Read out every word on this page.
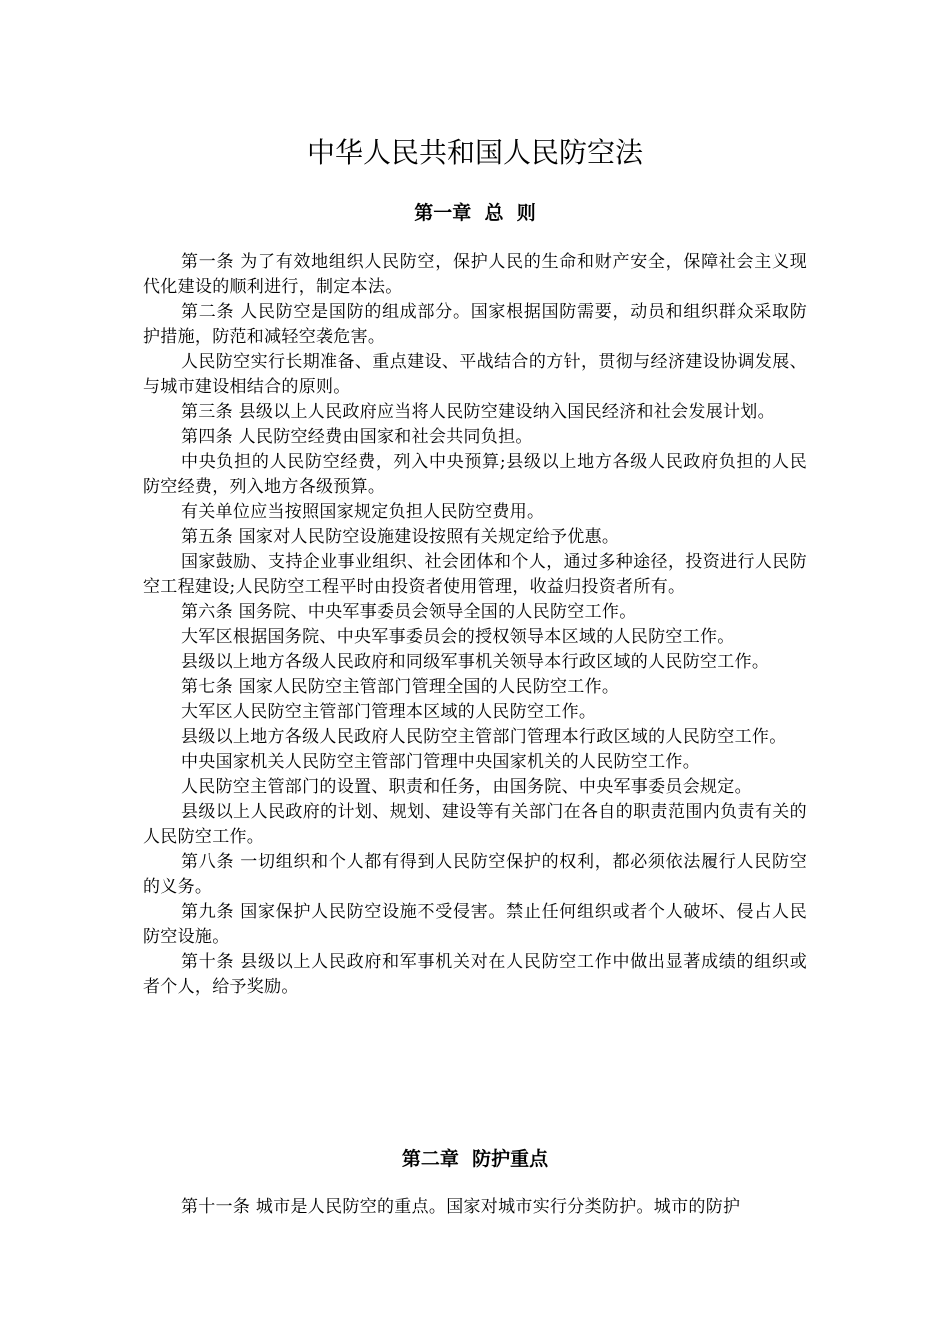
中华人民共和国人民防空法
第一章  总  则

第一条 为了有效地组织人民防空，保护人民的生命和财产安全，保障社会主义现代化建设的顺利进行，制定本法。

第二条 人民防空是国防的组成部分。国家根据国防需要，动员和组织群众采取防护措施，防范和减轻空袭危害。

人民防空实行长期准备、重点建设、平战结合的方针，贯彻与经济建设协调发展、与城市建设相结合的原则。

第三条 县级以上人民政府应当将人民防空建设纳入国民经济和社会发展计划。

第四条 人民防空经费由国家和社会共同负担。

中央负担的人民防空经费，列入中央预算;县级以上地方各级人民政府负担的人民防空经费，列入地方各级预算。

有关单位应当按照国家规定负担人民防空费用。

第五条 国家对人民防空设施建设按照有关规定给予优惠。

国家鼓励、支持企业事业组织、社会团体和个人，通过多种途径，投资进行人民防空工程建设;人民防空工程平时由投资者使用管理，收益归投资者所有。

第六条 国务院、中央军事委员会领导全国的人民防空工作。

大军区根据国务院、中央军事委员会的授权领导本区域的人民防空工作。

县级以上地方各级人民政府和同级军事机关领导本行政区域的人民防空工作。

第七条 国家人民防空主管部门管理全国的人民防空工作。

大军区人民防空主管部门管理本区域的人民防空工作。

县级以上地方各级人民政府人民防空主管部门管理本行政区域的人民防空工作。

中央国家机关人民防空主管部门管理中央国家机关的人民防空工作。

人民防空主管部门的设置、职责和任务，由国务院、中央军事委员会规定。

县级以上人民政府的计划、规划、建设等有关部门在各自的职责范围内负责有关的人民防空工作。

第八条 一切组织和个人都有得到人民防空保护的权利，都必须依法履行人民防空的义务。

第九条 国家保护人民防空设施不受侵害。禁止任何组织或者个人破坏、侵占人民防空设施。

第十条 县级以上人民政府和军事机关对在人民防空工作中做出显著成绩的组织或者个人，给予奖励。

第二章  防护重点

第十一条 城市是人民防空的重点。国家对城市实行分类防护。城市的防护
